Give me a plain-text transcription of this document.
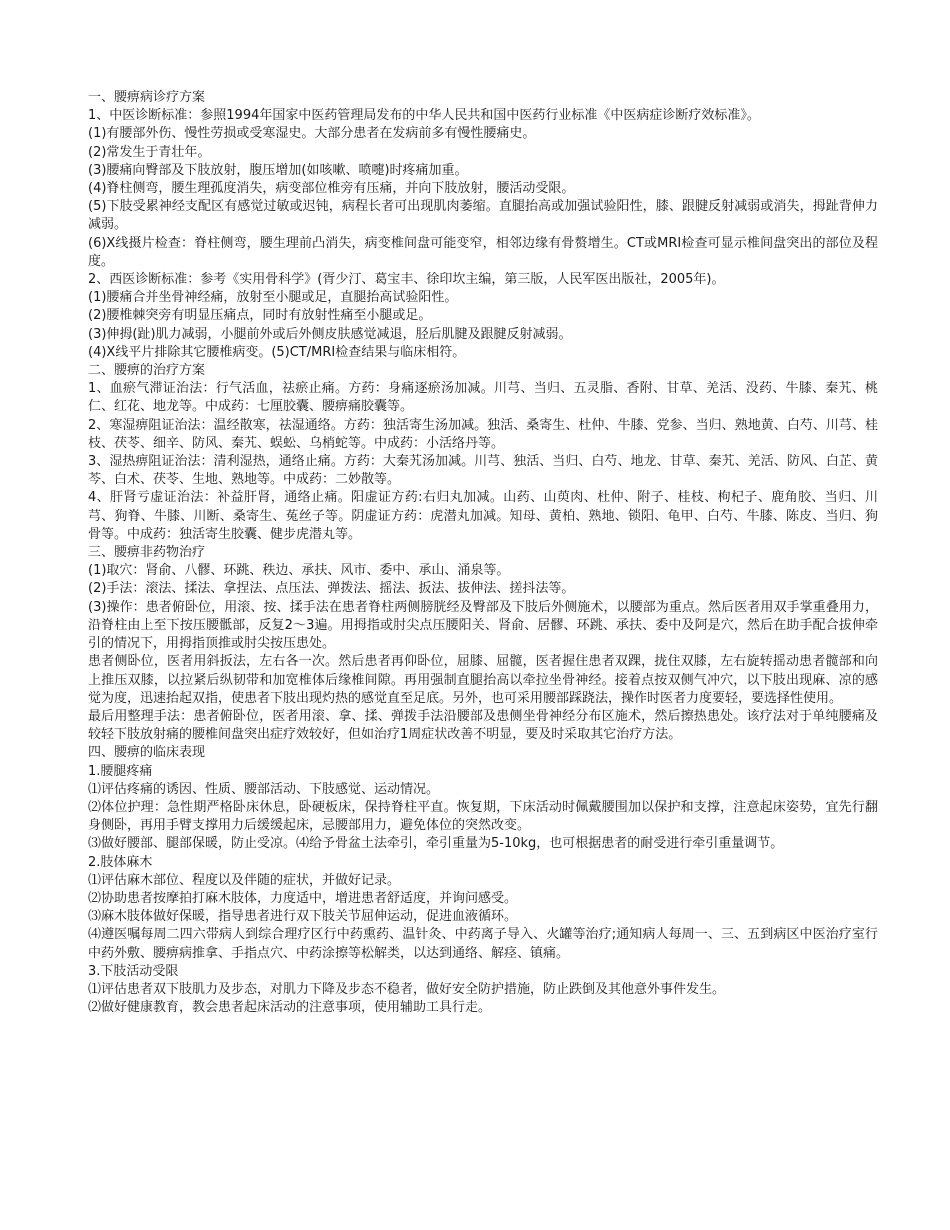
一、腰痹病诊疗方案

1、中医诊断标准：参照1994年国家中医药管理局发布的中华人民共和国中医药行业标准《中医病症诊断疗效标准》。

(1)有腰部外伤、慢性劳损或受寒湿史。大部分患者在发病前多有慢性腰痛史。

(2)常发生于青壮年。

(3)腰痛向臀部及下肢放射，腹压增加(如咳嗽、喷嚏)时疼痛加重。

(4)脊柱侧弯，腰生理孤度消失，病变部位椎旁有压痛，并向下肢放射，腰活动受限。

(5)下肢受累神经支配区有感觉过敏或迟钝，病程长者可出现肌肉萎缩。直腿抬高或加强试验阳性，膝、跟腱反射减弱或消失，拇趾背伸力减弱。

(6)X线摄片检查：脊柱侧弯，腰生理前凸消失，病变椎间盘可能变窄，相邻边缘有骨赘增生。CT或MRI检查可显示椎间盘突出的部位及程度。

2、西医诊断标准：参考《实用骨科学》(胥少汀、葛宝丰、徐印坎主编，第三版，人民军医出版社，2005年)。

(1)腰痛合并坐骨神经痛，放射至小腿或足，直腿抬高试验阳性。

(2)腰椎棘突旁有明显压痛点，同时有放射性痛至小腿或足。

(3)伸拇(趾)肌力减弱，小腿前外或后外侧皮肤感觉减退，胫后肌腱及跟腱反射减弱。

(4)X线平片排除其它腰椎病变。(5)CT/MRI检查结果与临床相符。

二、腰痹的治疗方案

1、血瘀气滞证治法：行气活血，祛瘀止痛。方药：身痛逐瘀汤加减。川芎、当归、五灵脂、香附、甘草、羌活、没药、牛膝、秦艽、桃仁、红花、地龙等。中成药：七厘胶囊、腰痹痛胶囊等。

2、寒湿痹阻证治法：温经散寒，祛湿通络。方药：独活寄生汤加减。独活、桑寄生、杜仲、牛膝、党参、当归、熟地黄、白芍、川芎、桂枝、茯苓、细辛、防风、秦艽、蜈蚣、乌梢蛇等。中成药：小活络丹等。

3、湿热痹阻证治法：清利湿热，通络止痛。方药：大秦艽汤加减。川芎、独活、当归、白芍、地龙、甘草、秦艽、羌活、防风、白芷、黄芩、白术、茯苓、生地、熟地等。中成药：二妙散等。

4、肝肾亏虚证治法：补益肝肾，通络止痛。阳虚证方药:右归丸加减。山药、山萸肉、杜仲、附子、桂枝、枸杞子、鹿角胶、当归、川芎、狗脊、牛膝、川断、桑寄生、菟丝子等。阴虚证方药：虎潜丸加减。知母、黄柏、熟地、锁阳、龟甲、白芍、牛膝、陈皮、当归、狗骨等。中成药：独活寄生胶囊、健步虎潜丸等。

三、腰痹非药物治疗

(1)取穴：肾俞、八髎、环跳、秩边、承扶、风市、委中、承山、涌泉等。

(2)手法：滚法、揉法、拿捏法、点压法、弹拨法、摇法、扳法、拔伸法、搓抖法等。

(3)操作：患者俯卧位，用滚、按、揉手法在患者脊柱两侧膀胱经及臀部及下肢后外侧施术，以腰部为重点。然后医者用双手掌重叠用力，沿脊柱由上至下按压腰骶部，反复2～3遍。用拇指或肘尖点压腰阳关、肾俞、居髎、环跳、承扶、委中及阿是穴，然后在助手配合拔伸牵引的情况下，用拇指顶推或肘尖按压患处。

患者侧卧位，医者用斜扳法，左右各一次。然后患者再仰卧位，屈膝、屈髋，医者握住患者双踝，拢住双膝，左右旋转摇动患者髋部和向上推压双膝，以拉紧后纵韧带和加宽椎体后缘椎间隙。再用强制直腿抬高以牵拉坐骨神经。接着点按双侧气冲穴，以下肢出现麻、凉的感觉为度，迅速抬起双指，使患者下肢出现灼热的感觉直至足底。另外，也可采用腰部踩跷法，操作时医者力度要轻，要选择性使用。

最后用整理手法：患者俯卧位，医者用滚、拿、揉、弹拨手法沿腰部及患侧坐骨神经分布区施术，然后擦热患处。该疗法对于单纯腰痛及较轻下肢放射痛的腰椎间盘突出症疗效较好，但如治疗1周症状改善不明显，要及时采取其它治疗方法。

四、腰痹的临床表现

1.腰腿疼痛

⑴评估疼痛的诱因、性质、腰部活动、下肢感觉、运动情况。

⑵体位护理：急性期严格卧床休息，卧硬板床，保持脊柱平直。恢复期，下床活动时佩戴腰围加以保护和支撑，注意起床姿势，宜先行翻身侧卧，再用手臂支撑用力后缓缓起床，忌腰部用力，避免体位的突然改变。

⑶做好腰部、腿部保暖，防止受凉。⑷给予骨盆土法牵引，牵引重量为5-10kg，也可根据患者的耐受进行牵引重量调节。

2.肢体麻木

⑴评估麻木部位、程度以及伴随的症状，并做好记录。

⑵协助患者按摩拍打麻木肢体，力度适中，增进患者舒适度，并询问感受。

⑶麻木肢体做好保暖，指导患者进行双下肢关节屈伸运动，促进血液循环。

⑷遵医嘱每周二四六带病人到综合理疗区行中药熏药、温针灸、中药离子导入、火罐等治疗;通知病人每周一、三、五到病区中医治疗室行中药外敷、腰痹病推拿、手指点穴、中药涂擦等松解类，以达到通络、解痉、镇痛。

3.下肢活动受限

⑴评估患者双下肢肌力及步态，对肌力下降及步态不稳者，做好安全防护措施，防止跌倒及其他意外事件发生。

⑵做好健康教育，教会患者起床活动的注意事项，使用辅助工具行走。
